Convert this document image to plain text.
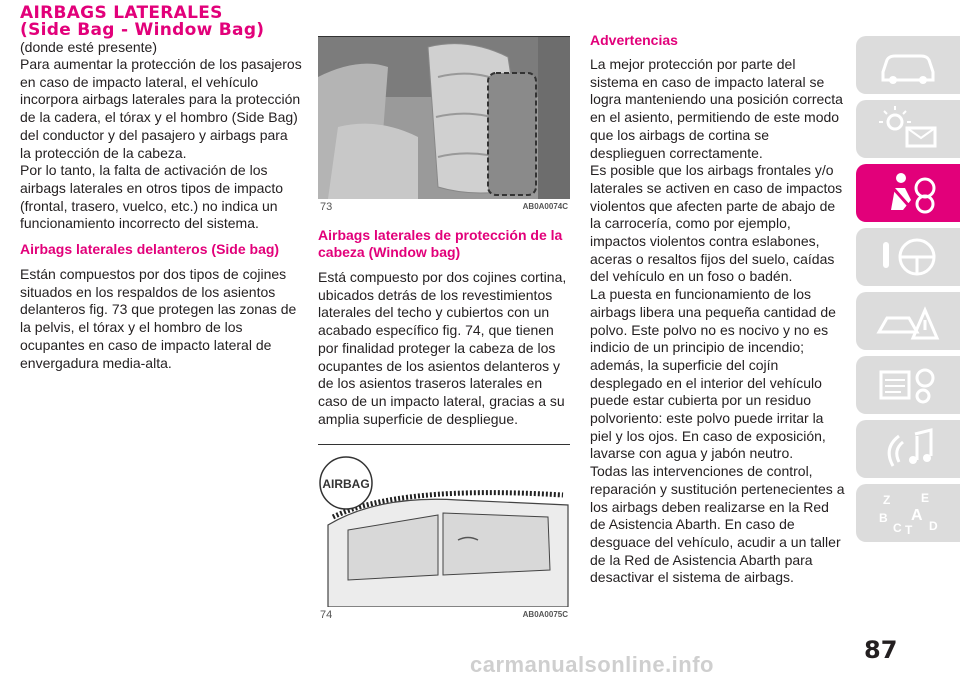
AIRBAGS LATERALES
(Side Bag - Window Bag)

(donde esté presente)

Para aumentar la protección de los pasajeros en caso de impacto lateral, el vehículo incorpora airbags laterales para la protección de la cadera, el tórax y el hombro (Side Bag) del conductor y del pasajero y airbags para la protección de la cabeza.

Por lo tanto, la falta de activación de los airbags laterales en otros tipos de impacto (frontal, trasero, vuelco, etc.) no indica un funcionamiento incorrecto del sistema.

Airbags laterales delanteros (Side bag)

Están compuestos por dos tipos de cojines situados en los respaldos de los asientos delanteros fig. 73 que protegen las zonas de la pelvis, el tórax y el hombro de los ocupantes en caso de impacto lateral de envergadura media-alta.

73	AB0A0074C
Airbags laterales de protección de la cabeza (Window bag)

Está compuesto por dos cojines cortina, ubicados detrás de los revestimientos laterales del techo y cubiertos con un acabado específico fig. 74, que tienen por finalidad proteger la cabeza de los ocupantes de los asientos delanteros y de los asientos traseros laterales en caso de un impacto lateral, gracias a su amplia superficie de despliegue.

AIRBAG
74	AB0A0075C
Advertencias

La mejor protección por parte del sistema en caso de impacto lateral se logra manteniendo una posición correcta en el asiento, permitiendo de este modo que los airbags de cortina se desplieguen correctamente.

Es posible que los airbags frontales y/o laterales se activen en caso de impactos violentos que afecten parte de abajo de la carrocería, como por ejemplo, impactos violentos contra eslabones, aceras o resaltos fijos del suelo, caídas del vehículo en un foso o badén.

La puesta en funcionamiento de los airbags libera una pequeña cantidad de polvo. Este polvo no es nocivo y no es indicio de un principio de incendio; además, la superficie del cojín desplegado en el interior del vehículo puede estar cubierta por un residuo polvoriento: este polvo puede irritar la piel y los ojos. En caso de exposición, lavarse con agua y jabón neutro.

Todas las intervenciones de control, reparación y sustitución pertenecientes a los airbags deben realizarse en la Red de Asistencia Abarth. En caso de desguace del vehículo, acudir a un taller de la Red de Asistencia Abarth para desactivar el sistema de airbags.

Z	E
B A
C T D
87
carmanualsonline.info
